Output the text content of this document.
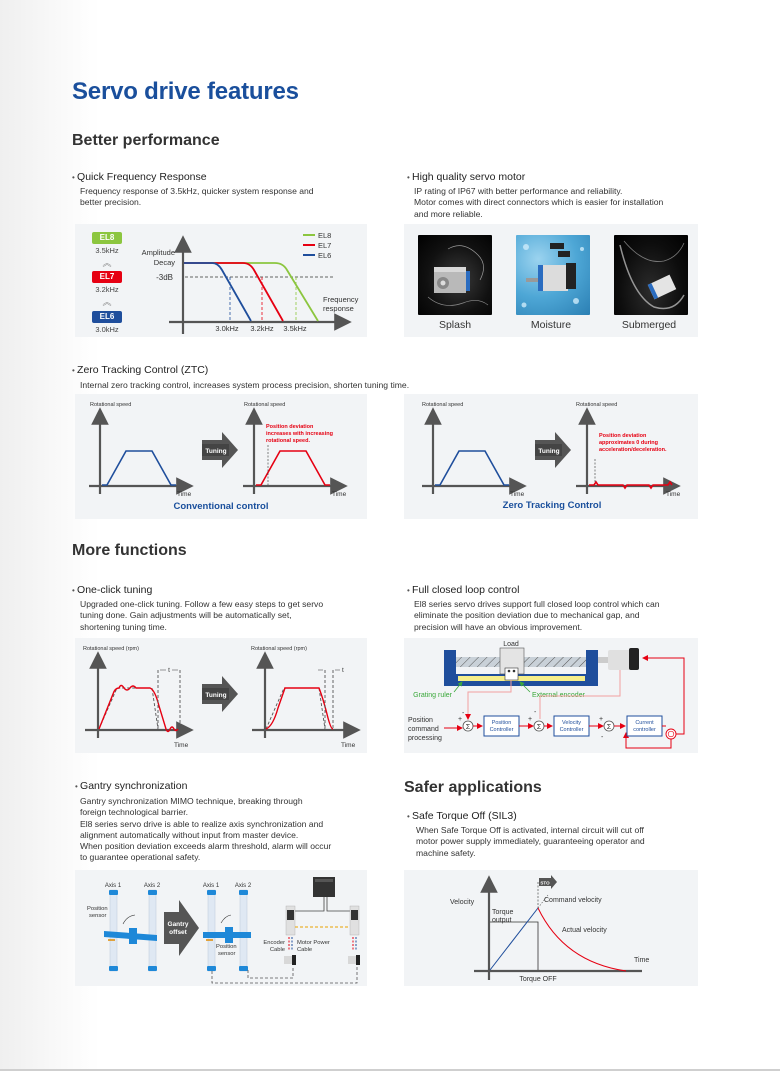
Servo drive features
Better performance
• Quick Frequency Response
Frequency response of 3.5kHz, quicker system response and
better precision.
EL8
3.5kHz
︽
EL7
3.2kHz
︽
EL6
3.0kHz
Amplitude
Decay
-3dB
Frequency
response
3.0kHz 3.2kHz 3.5kHz
EL8
EL7
EL6
• High quality servo motor
IP rating of IP67 with better performance and reliability.
Motor comes with direct connectors which is easier for installation
and more reliable.
Splash	Moisture	Submerged
• Zero Tracking Control (ZTC)
Internal zero tracking control, increases system process precision, shorten tuning time.
Rotational speed
Time
Tuning
Rotational speed
Position deviation
increases with increasing
rotational speed.
Time
Conventional control
Rotational speed
Time
Tuning
Rotational speed
Position deviation
approximates 0 during
acceleration/deceleration.
Time
Zero Tracking Control
More functions
• One-click tuning
Upgraded one-click tuning. Follow a few easy steps to get servo
tuning done. Gain adjustments will be automatically set,
shortening tuning time.
Rotational speed (rpm)
t
Time
Tuning
Rotational speed (rpm)
t
Time
• Full closed loop control
El8 series servo drives support full closed loop control which can
eliminate the position deviation due to mechanical gap, and
precision will have an obvious improvement.
Load
Grating ruler	External encoder
Position
command
processing
Σ
+
-
Position
Controller	Σ
+
-
Velocity
Controller	Σ
+
-
Current
controller
• Gantry synchronization
Gantry synchronization MIMO technique, breaking through
foreign technological barrier.
El8 series servo drive is able to realize axis synchronization and
alignment automatically without input from master device.
When position deviation exceeds alarm threshold, alarm will occur
to guarantee operational safety.
Axis 1	Axis 2
Position
sensor
Gantry
offset
Axis 1	Axis 2
Position
sensor
Encoder
Cable
Motor Power
Cable
Safer applications
• Safe Torque Off (SIL3)
When Safe Torque Off is activated, internal circuit will cut off
motor power supply immediately, guaranteeing operator and
machine safety.
Velocity
Torque
output
STO
Command velocity
Actual velocity
Time
Torque OFF
